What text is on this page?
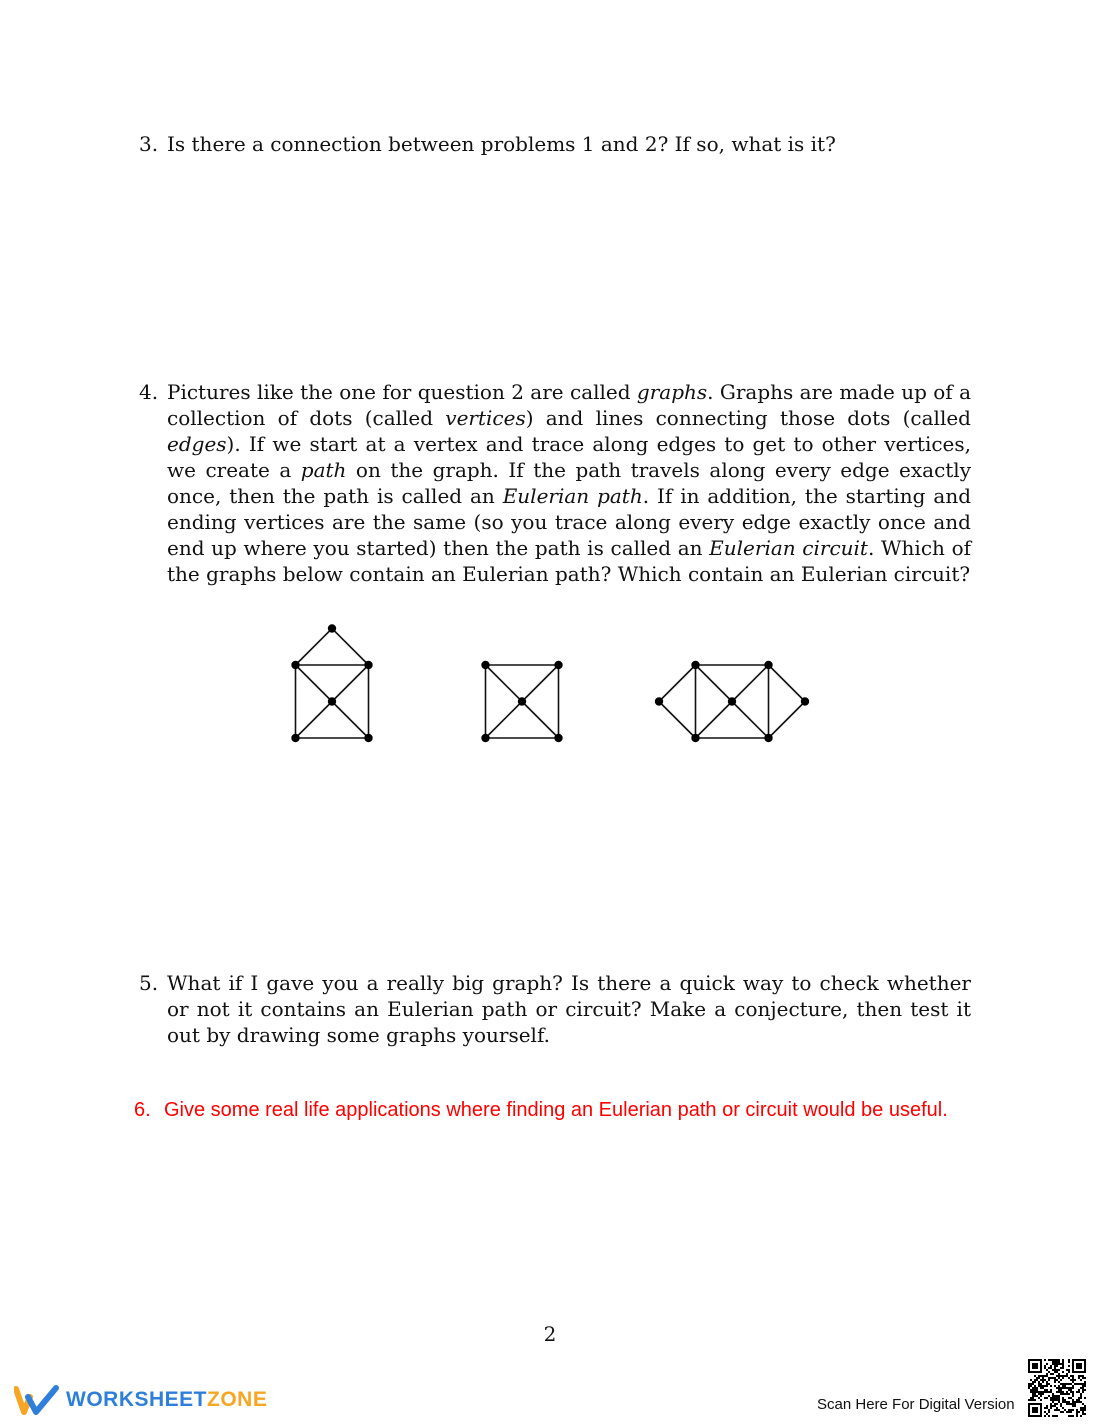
3. Is there a connection between problems 1 and 2? If so, what is it?
4. Pictures like the one for question 2 are called graphs. Graphs are made up of a collection of dots (called vertices) and lines connecting those dots (called edges). If we start at a vertex and trace along edges to get to other vertices, we create a path on the graph. If the path travels along every edge exactly once, then the path is called an Eulerian path. If in addition, the starting and ending vertices are the same (so you trace along every edge exactly once and end up where you started) then the path is called an Eulerian circuit. Which of the graphs below contain an Eulerian path? Which contain an Eulerian circuit?
5. What if I gave you a really big graph? Is there a quick way to check whether or not it contains an Eulerian path or circuit? Make a conjecture, then test it out by drawing some graphs yourself.
6. Give some real life applications where finding an Eulerian path or circuit would be useful.
2
WORKSHEETZONE	Scan Here For Digital Version
